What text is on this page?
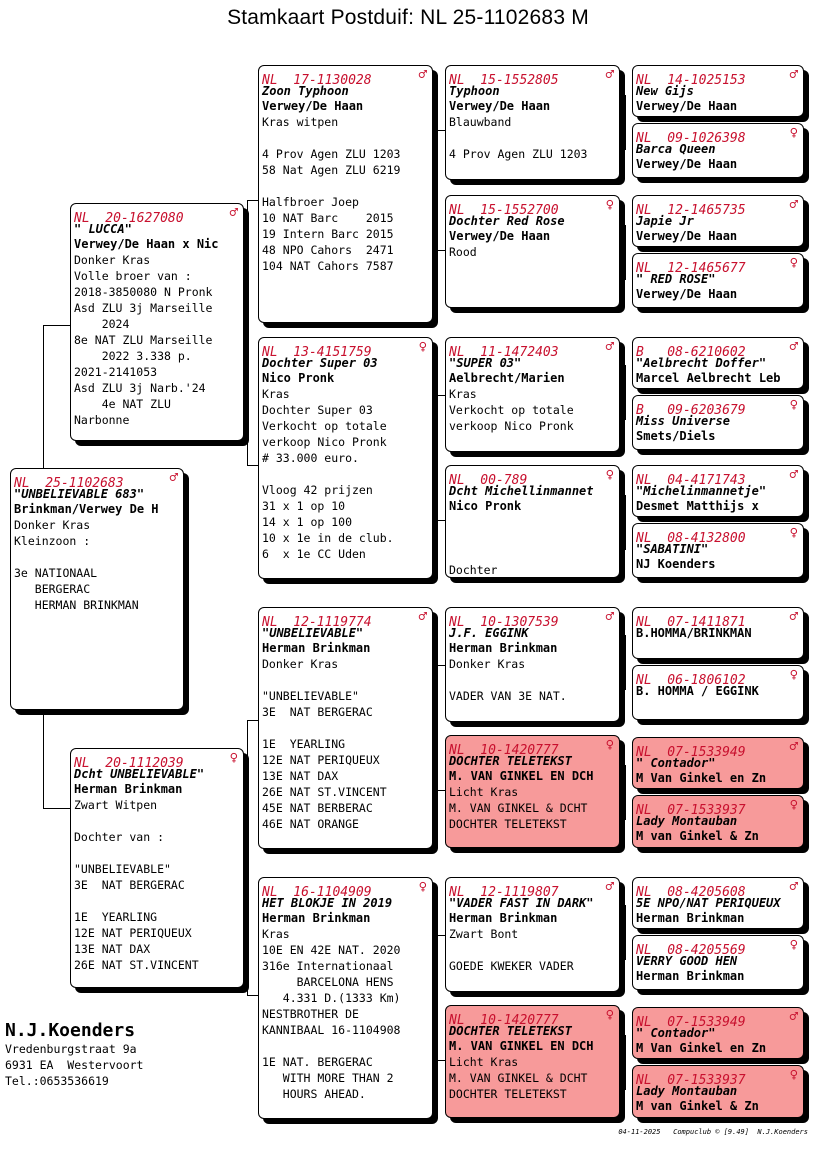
Stamkaart Postduif: NL 25-1102683 M
NL  25-1102683	♂
"UNBELIEVABLE 683"
Brinkman/Verwey De H
Donker Kras
Kleinzoon :

3e NATIONAAL
BERGERAC
HERMAN BRINKMAN
NL  20-1627080	♂
" LUCCA"
Verwey/De Haan x Nic
Donker Kras
Volle broer van :
2018-3850080 N Pronk
Asd ZLU 3j Marseille
2024
8e NAT ZLU Marseille
2022 3.338 p.
2021-2141053
Asd ZLU 3j Narb.'24
4e NAT ZLU
Narbonne
NL  20-1112039	♀
Dcht UNBELIEVABLE"
Herman Brinkman
Zwart Witpen

Dochter van :

"UNBELIEVABLE"
3E  NAT BERGERAC

1E  YEARLING
12E NAT PERIQUEUX
13E NAT DAX
26E NAT ST.VINCENT
NL  17-1130028	♂
Zoon Typhoon
Verwey/De Haan
Kras witpen

4 Prov Agen ZLU 1203
58 Nat Agen ZLU 6219

Halfbroer Joep
10 NAT Barc    2015
19 Intern Barc 2015
48 NPO Cahors  2471
104 NAT Cahors 7587
NL  13-4151759	♀
Dochter Super 03
Nico Pronk
Kras
Dochter Super 03
Verkocht op totale
verkoop Nico Pronk
# 33.000 euro.

Vloog 42 prijzen
31 x 1 op 10
14 x 1 op 100
10 x 1e in de club.
6  x 1e CC Uden
NL  12-1119774	♂
"UNBELIEVABLE"
Herman Brinkman
Donker Kras

"UNBELIEVABLE"
3E  NAT BERGERAC

1E  YEARLING
12E NAT PERIQUEUX
13E NAT DAX
26E NAT ST.VINCENT
45E NAT BERBERAC
46E NAT ORANGE
NL  16-1104909	♀
HET BLOKJE IN 2019
Herman Brinkman
Kras
10E EN 42E NAT. 2020
316e Internationaal
BARCELONA HENS
4.331 D.(1333 Km)
NESTBROTHER DE
KANNIBAAL 16-1104908

1E NAT. BERGERAC
WITH MORE THAN 2
HOURS AHEAD.
NL  15-1552805	♂
Typhoon
Verwey/De Haan
Blauwband

4 Prov Agen ZLU 1203
NL  15-1552700	♀
Dochter Red Rose
Verwey/De Haan
Rood
NL  11-1472403	♂
"SUPER 03"
Aelbrecht/Marien
Kras
Verkocht op totale
verkoop Nico Pronk
NL  00-789	♀
Dcht Michellinmannet
Nico Pronk

Dochter
NL  10-1307539	♂
J.F. EGGINK
Herman Brinkman
Donker Kras

VADER VAN 3E NAT.
NL  10-1420777	♀
DOCHTER TELETEKST
M. VAN GINKEL EN DCH
Licht Kras
M. VAN GINKEL & DCHT
DOCHTER TELETEKST
NL  12-1119807	♂
"VADER FAST IN DARK"
Herman Brinkman
Zwart Bont

GOEDE KWEKER VADER
NL  10-1420777	♀
DOCHTER TELETEKST
M. VAN GINKEL EN DCH
Licht Kras
M. VAN GINKEL & DCHT
DOCHTER TELETEKST
NL  14-1025153	♂
New Gijs
Verwey/De Haan
NL  09-1026398	♀
Barca Queen
Verwey/De Haan
NL  12-1465735	♂
Japie Jr
Verwey/De Haan
NL  12-1465677	♀
" RED ROSE"
Verwey/De Haan
B   08-6210602	♂
"Aelbrecht Doffer"
Marcel Aelbrecht Leb
B   09-6203679	♀
Miss Universe
Smets/Diels
NL  04-4171743	♂
"Michelinmannetje"
Desmet Matthijs x
NL  08-4132800	♀
"SABATINI"
NJ Koenders
NL  07-1411871	♂
B.HOMMA/BRINKMAN
NL  06-1806102	♀
B. HOMMA / EGGINK
NL  07-1533949	♂
" Contador"
M Van Ginkel en Zn
NL  07-1533937	♀
Lady Montauban
M van Ginkel & Zn
NL  08-4205608	♂
5E NPO/NAT PERIQUEUX
Herman Brinkman
NL  08-4205569	♀
VERRY GOOD HEN
Herman Brinkman
NL  07-1533949	♂
" Contador"
M Van Ginkel en Zn
NL  07-1533937	♀
Lady Montauban
M van Ginkel & Zn
N.J.Koenders
Vredenburgstraat 9a
6931 EA  Westervoort
Tel.:0653536619
04-11-2025   Compuclub © [9.49]  N.J.Koenders
